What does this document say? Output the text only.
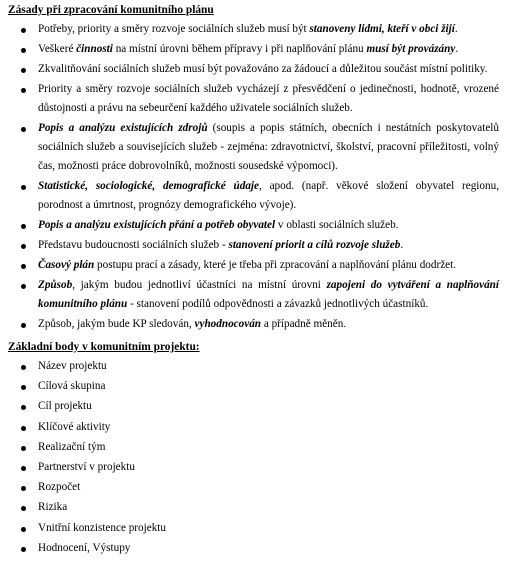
Zásady při zpracování komunitního plánu
Potřeby, priority a směry rozvoje sociálních služeb musí být stanoveny lidmi, kteří v obci žijí.
Veškeré činnosti na místní úrovni během přípravy i při naplňování plánu musí být provázány.
Zkvalitňování sociálních služeb musí být považováno za žádoucí a důležitou součást místní politiky.
Priority a směry rozvoje sociálních služeb vycházejí z přesvědčení o jedinečnosti, hodnotě, vrozené důstojnosti a právu na sebeurčení každého uživatele sociálních služeb.
Popis a analýzu existujících zdrojů (soupis a popis státních, obecních i nestátních poskytovatelů sociálních služeb a souvisejících služeb - zejména: zdravotnictví, školství, pracovní příležitosti, volný čas, možnosti práce dobrovolníků, možnosti sousedské výpomoci).
Statistické, sociologické, demografické údaje, apod. (např. věkové složení obyvatel regionu, porodnost a úmrtnost, prognózy demografického vývoje).
Popis a analýzu existujících přání a potřeb obyvatel v oblasti sociálních služeb.
Představu budoucnosti sociálních služeb - stanovení priorit a cílů rozvoje služeb.
Časový plán postupu prací a zásady, které je třeba při zpracování a naplňování plánu dodržet.
Způsob, jakým budou jednotliví účastníci na místní úrovni zapojeni do vytváření a naplňování komunitního plánu - stanovení podílů odpovědnosti a závazků jednotlivých účastníků.
Způsob, jakým bude KP sledován, vyhodnocován a případně měněn.
Základní body v komunitním projektu:
Název projektu
Cílová skupina
Cíl projektu
Klíčové aktivity
Realizační tým
Partnerství v projektu
Rozpočet
Rizika
Vnitřní konzistence projektu
Hodnocení, Výstupy
